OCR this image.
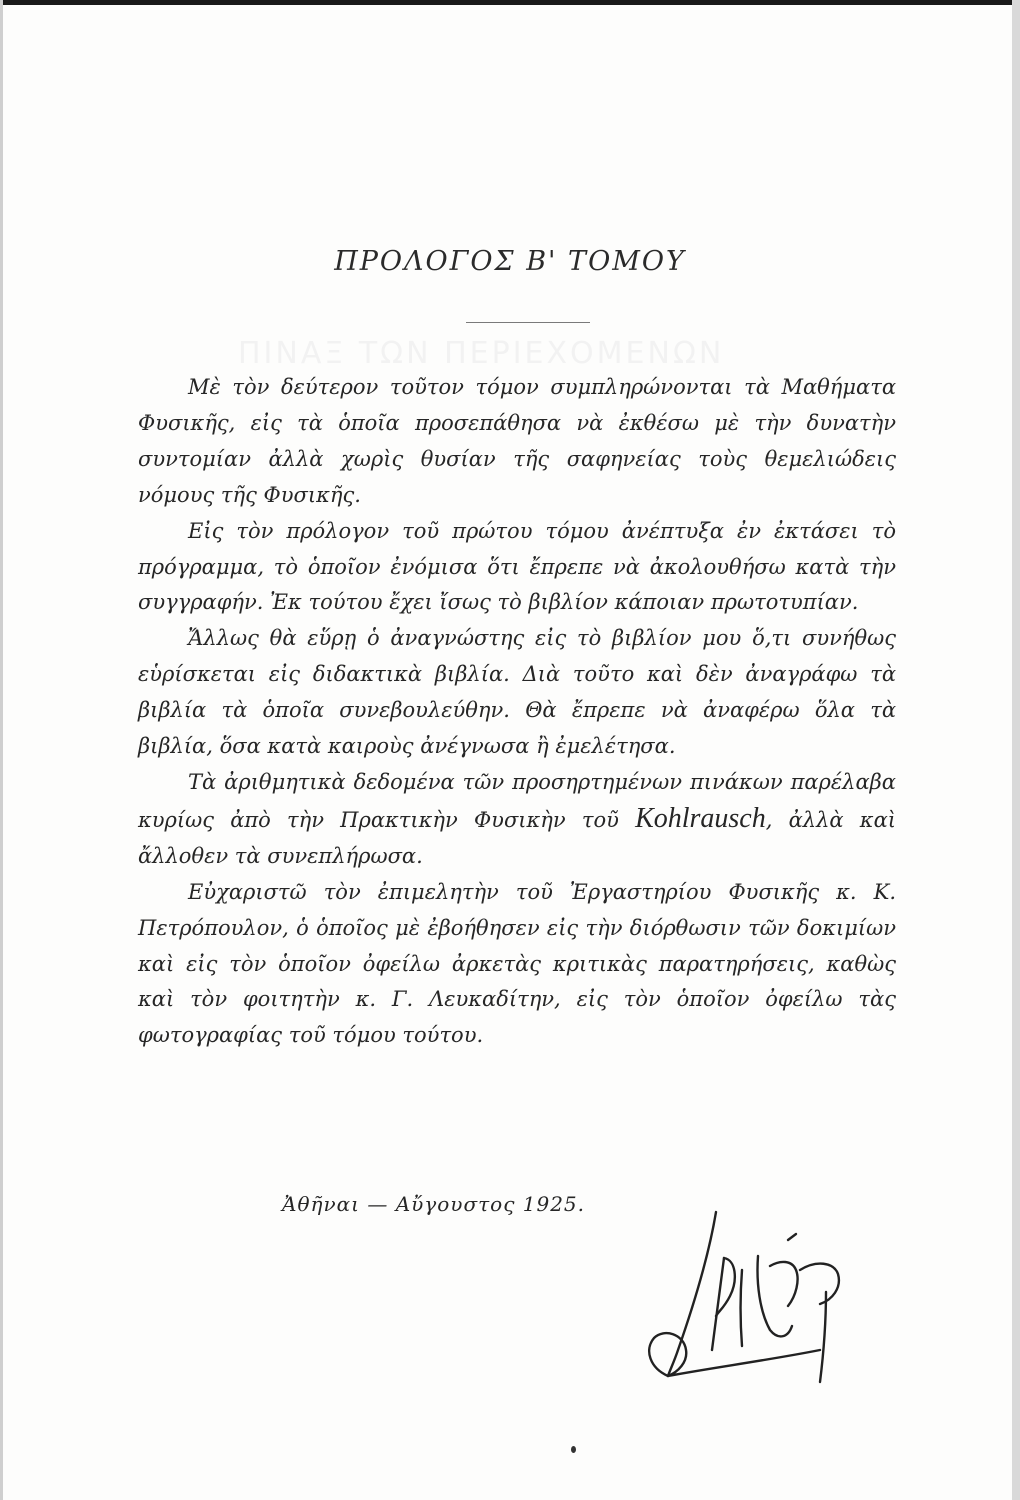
ΠΙΝΑΞ ΤΩΝ ΠΕΡΙΕΧΟΜΕΝΩΝ
ΠΡΟΛΟΓΟΣ Β' ΤΟΜΟΥ

Μὲ τὸν δεύτερον τοῦτον τόμον συμπληρώνονται τὰ Μαθήματα Φυσικῆς, εἰς τὰ ὁποῖα προσεπάθησα νὰ ἐκθέσω μὲ τὴν δυνατὴν συντομίαν ἀλλὰ χωρὶς θυσίαν τῆς σαφηνείας τοὺς θεμελιώδεις νόμους τῆς Φυσικῆς.

Εἰς τὸν πρόλογον τοῦ πρώτου τόμου ἀνέπτυξα ἐν ἐκτάσει τὸ πρόγραμμα, τὸ ὁποῖον ἐνόμισα ὅτι ἔπρεπε νὰ ἀκολουθήσω κατὰ τὴν συγγραφήν. Ἐκ τούτου ἔχει ἴσως τὸ βιβλίον κάποιαν πρωτοτυπίαν.

Ἄλλως θὰ εὕρῃ ὁ ἀναγνώστης εἰς τὸ βιβλίον μου ὅ,τι συνήθως εὑρίσκεται εἰς διδακτικὰ βιβλία. Διὰ τοῦτο καὶ δὲν ἀναγράφω τὰ βιβλία τὰ ὁποῖα συνεβουλεύθην. Θὰ ἔπρεπε νὰ ἀναφέρω ὅλα τὰ βιβλία, ὅσα κατὰ καιροὺς ἀνέγνωσα ἢ ἐμελέτησα.

Τὰ ἀριθμητικὰ δεδομένα τῶν προσηρτημένων πινάκων παρέλαβα κυρίως ἀπὸ τὴν Πρακτικὴν Φυσικὴν τοῦ Kohlrausch, ἀλλὰ καὶ ἄλλοθεν τὰ συνεπλήρωσα.

Εὐχαριστῶ τὸν ἐπιμελητὴν τοῦ Ἐργαστηρίου Φυσικῆς κ. Κ. Πετρόπουλον, ὁ ὁποῖος μὲ ἐβοήθησεν εἰς τὴν διόρθωσιν τῶν δοκιμίων καὶ εἰς τὸν ὁποῖον ὀφείλω ἀρκετὰς κριτικὰς παρατηρήσεις, καθὼς καὶ τὸν φοιτητὴν κ. Γ. Λευκαδίτην, εἰς τὸν ὁποῖον ὀφείλω τὰς φωτογραφίας τοῦ τόμου τούτου.

Ἀθῆναι — Αὔγουστος 1925.
